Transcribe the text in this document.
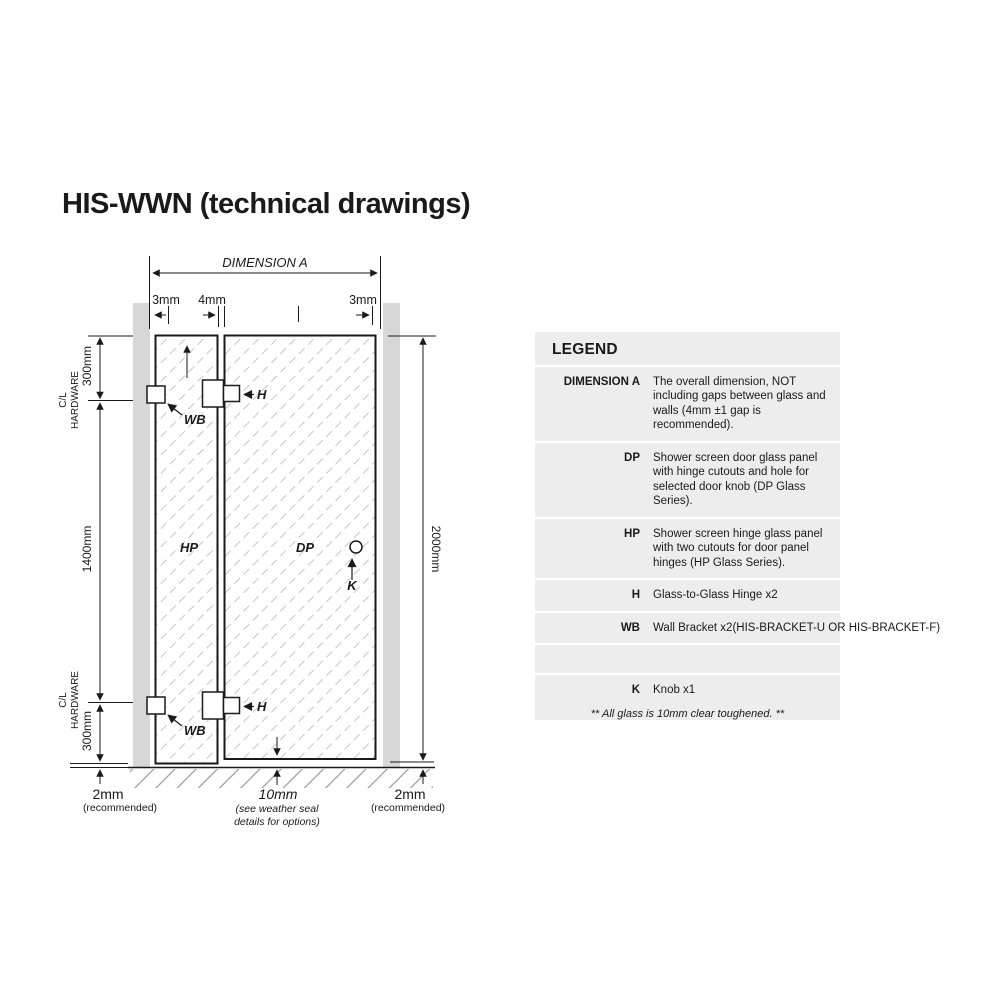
HIS-WWN (technical drawings)
DIMENSION A
3mm 4mm	3mm
300mm
1400mm
300mm
C/L HARDWARE
C/L HARDWARE
2000mm
2mm
(recommended)
10mm
(see weather seal
details for options)
2mm
(recommended)
HP	DP
H
H
WB
WB
K
LEGEND
DIMENSION A	The overall dimension, NOT including gaps between glass and walls (4mm ±1 gap is recommended).
DP	Shower screen door glass panel with hinge cutouts and hole for selected door knob (DP Glass Series).
HP	Shower screen hinge glass panel with two cutouts for door panel hinges (HP Glass Series).
H	Glass-to-Glass Hinge x2
WB	Wall Bracket x2(HIS-BRACKET-U OR HIS-BRACKET-F)
K	Knob x1
** All glass is 10mm clear toughened. **
